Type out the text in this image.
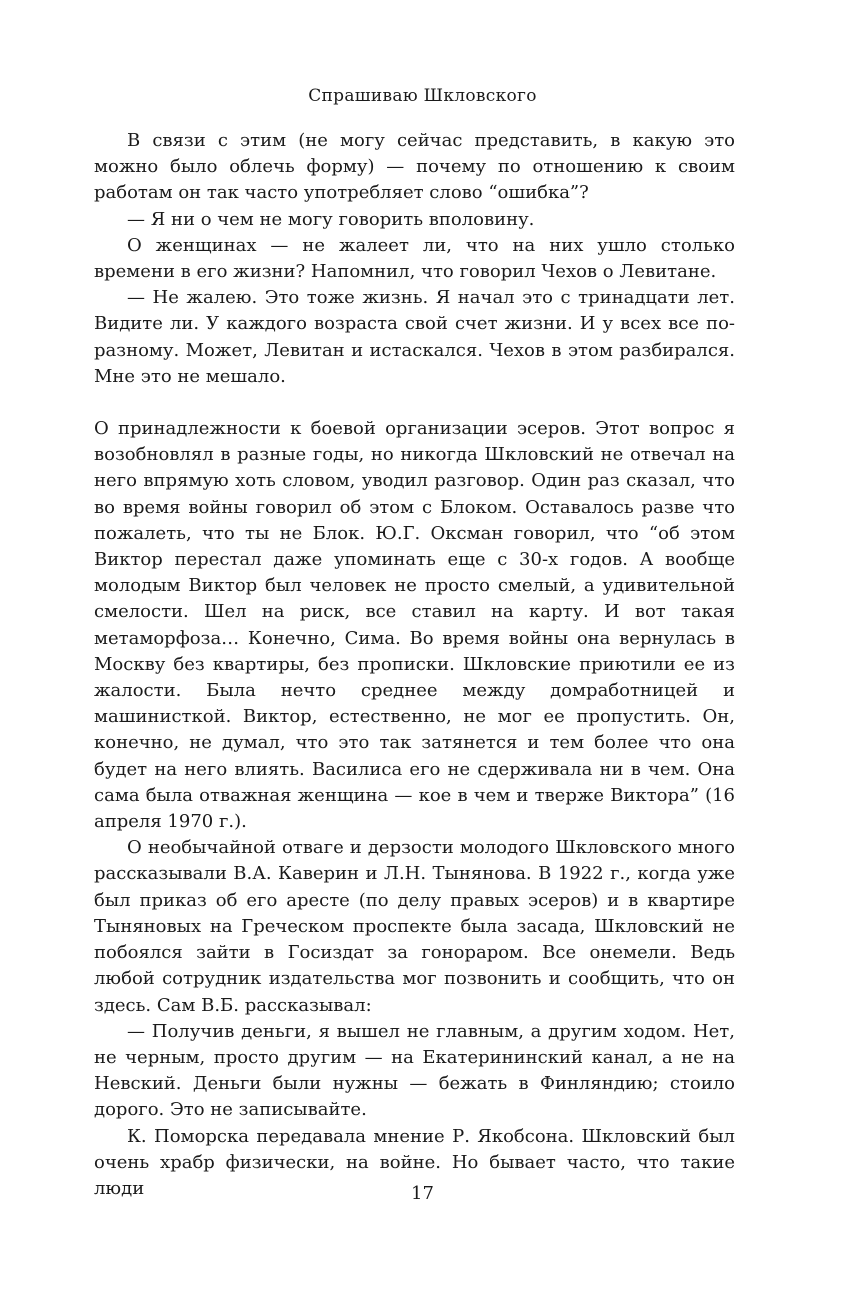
Спрашиваю Шкловского

В связи с этим (не могу сейчас представить, в какую это можно было облечь форму) — почему по отношению к своим работам он так часто употребляет слово “ошибка”?

— Я ни о чем не могу говорить вполовину.

О женщинах — не жалеет ли, что на них ушло столько времени в его жизни? Напомнил, что говорил Чехов о Левитане.

— Не жалею. Это тоже жизнь. Я начал это с тринадцати лет. Видите ли. У каждого возраста свой счет жизни. И у всех все по-разному. Может, Левитан и истаскался. Чехов в этом разбирался. Мне это не мешало.

О принадлежности к боевой организации эсеров. Этот вопрос я возобновлял в разные годы, но никогда Шкловский не отвечал на него впрямую хоть словом, уводил разговор. Один раз сказал, что во время войны говорил об этом с Блоком. Оставалось разве что пожалеть, что ты не Блок. Ю.Г. Оксман говорил, что “об этом Виктор перестал даже упоминать еще с 30-х годов. А вообще молодым Виктор был человек не просто смелый, а удивительной смелости. Шел на риск, все ставил на карту. И вот такая метаморфоза… Конечно, Сима. Во время войны она вернулась в Москву без квартиры, без прописки. Шкловские приютили ее из жалости. Была нечто среднее между домработницей и машинисткой. Виктор, естественно, не мог ее пропустить. Он, конечно, не думал, что это так затянется и тем более что она будет на него влиять. Василиса его не сдерживала ни в чем. Она сама была отважная женщина — кое в чем и тверже Виктора” (16 апреля 1970 г.).

О необычайной отваге и дерзости молодого Шкловского много рассказывали В.А. Каверин и Л.Н. Тынянова. В 1922 г., когда уже был приказ об его аресте (по делу правых эсеров) и в квартире Тыняновых на Греческом проспекте была засада, Шкловский не побоялся зайти в Госиздат за гонораром. Все онемели. Ведь любой сотрудник издательства мог позвонить и сообщить, что он здесь. Сам В.Б. рассказывал:

— Получив деньги, я вышел не главным, а другим ходом. Нет, не черным, просто другим — на Екатерининский канал, а не на Невский. Деньги были нужны — бежать в Финляндию; стоило дорого. Это не записывайте.

К. Поморска передавала мнение Р. Якобсона. Шкловский был очень храбр физически, на войне. Но бывает часто, что такие люди	17
